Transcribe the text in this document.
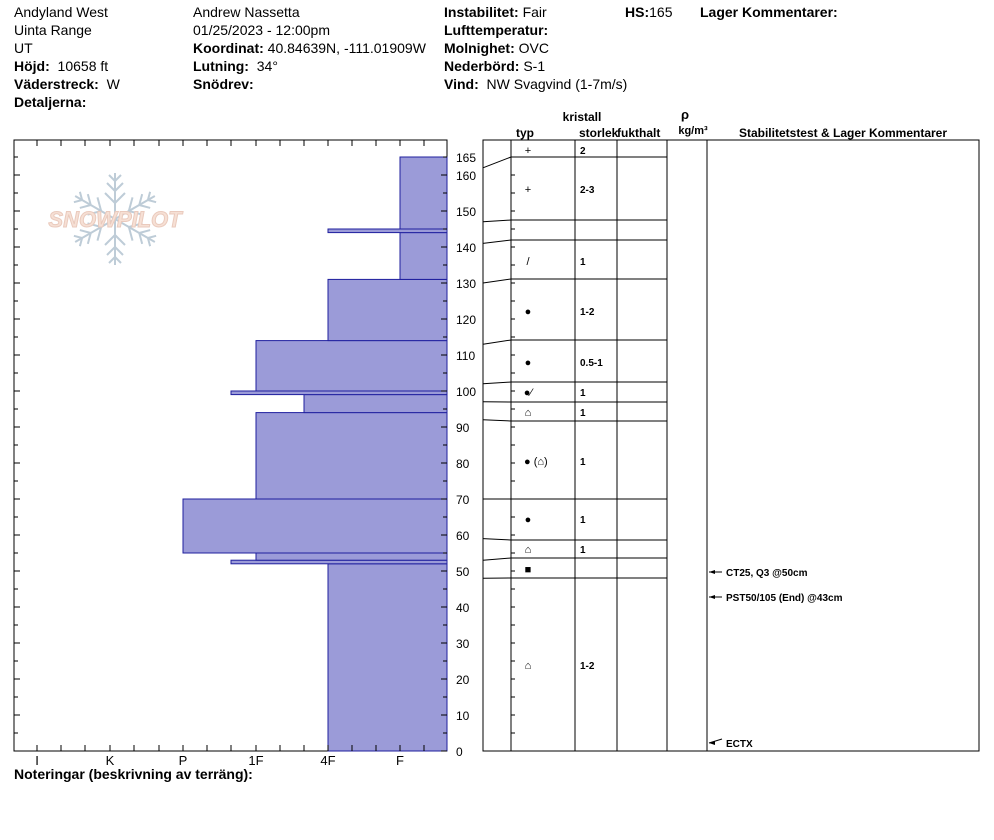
Andyland West
Uinta Range
UT
Höjd: 10658 ft
Väderstreck: W
Detaljerna:
Andrew Nassetta
01/25/2023 - 12:00pm
Koordinat: 40.84639N, -111.01909W
Lutning: 34°
Snödrev:
Instabilitet: Fair
Lufttemperatur:
Molnighet: OVC
Nederbörd: S-1
Vind: NW Svagvind (1-7m/s)
HS:165 Lager Kommentarer:
Noteringar (beskrivning av terräng):
SNOWPILOT
I	K	P	1F	4F	F
0
10
20
30
40
50
60
70
80
90
100
110
120
130
140
150
160
165
⌂	1-2
■
⌂	1
●	1
● (⌂)	1
⌂	1
●⁄	1
●	0.5-1
●	1-2
/	1
+	2-3
+	2
CT25, Q3 @50cm
PST50/105 (End) @43cm
ECTX
kristall
typ	storlek
fukthalt
ρ
kg/m³	Stabilitetstest & Lager Kommentarer
